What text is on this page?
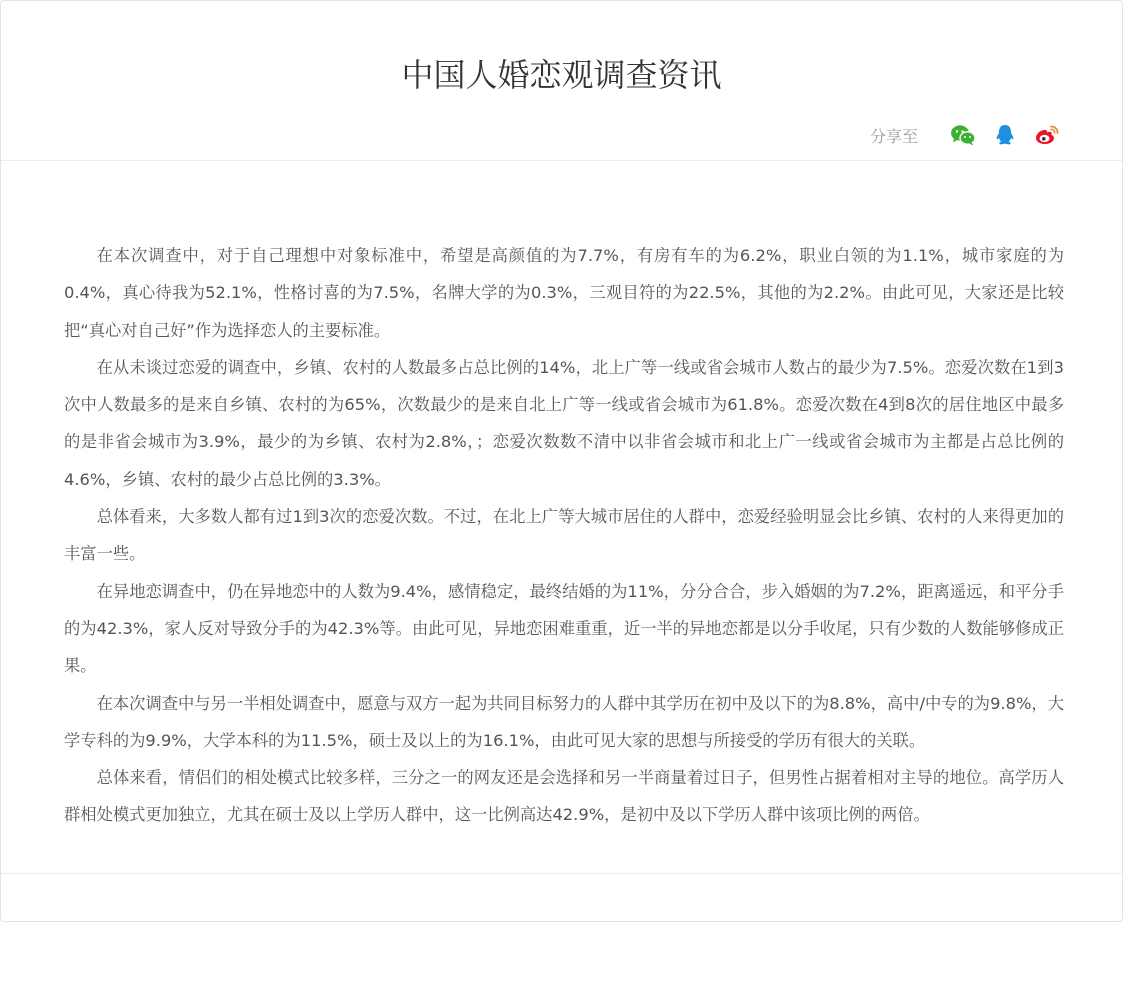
中国人婚恋观调查资讯
分享至

在本次调查中，对于自己理想中对象标准中，希望是高颜值的为7.7%，有房有车的为6.2%，职业白领的为1.1%，城市家庭的为0.4%，真心待我为52.1%，性格讨喜的为7.5%，名牌大学的为0.3%，三观目符的为22.5%，其他的为2.2%。由此可见，大家还是比较把“真心对自己好”作为选择恋人的主要标准。

在从未谈过恋爱的调查中，乡镇、农村的人数最多占总比例的14%，北上广等一线或省会城市人数占的最少为7.5%。恋爱次数在1到3次中人数最多的是来自乡镇、农村的为65%，次数最少的是来自北上广等一线或省会城市为61.8%。恋爱次数在4到8次的居住地区中最多的是非省会城市为3.9%，最少的为乡镇、农村为2.8%，；恋爱次数数不清中以非省会城市和北上广一线或省会城市为主都是占总比例的4.6%，乡镇、农村的最少占总比例的3.3%。

总体看来，大多数人都有过1到3次的恋爱次数。不过，在北上广等大城市居住的人群中，恋爱经验明显会比乡镇、农村的人来得更加的丰富一些。

在异地恋调查中，仍在异地恋中的人数为9.4%，感情稳定，最终结婚的为11%，分分合合，步入婚姻的为7.2%，距离遥远，和平分手的为42.3%，家人反对导致分手的为42.3%等。由此可见，异地恋困难重重，近一半的异地恋都是以分手收尾，只有少数的人数能够修成正果。

在本次调查中与另一半相处调查中，愿意与双方一起为共同目标努力的人群中其学历在初中及以下的为8.8%，高中/中专的为9.8%，大学专科的为9.9%，大学本科的为11.5%，硕士及以上的为16.1%，由此可见大家的思想与所接受的学历有很大的关联。

总体来看，情侣们的相处模式比较多样，三分之一的网友还是会选择和另一半商量着过日子，但男性占据着相对主导的地位。高学历人群相处模式更加独立，尤其在硕士及以上学历人群中，这一比例高达42.9%，是初中及以下学历人群中该项比例的两倍。
